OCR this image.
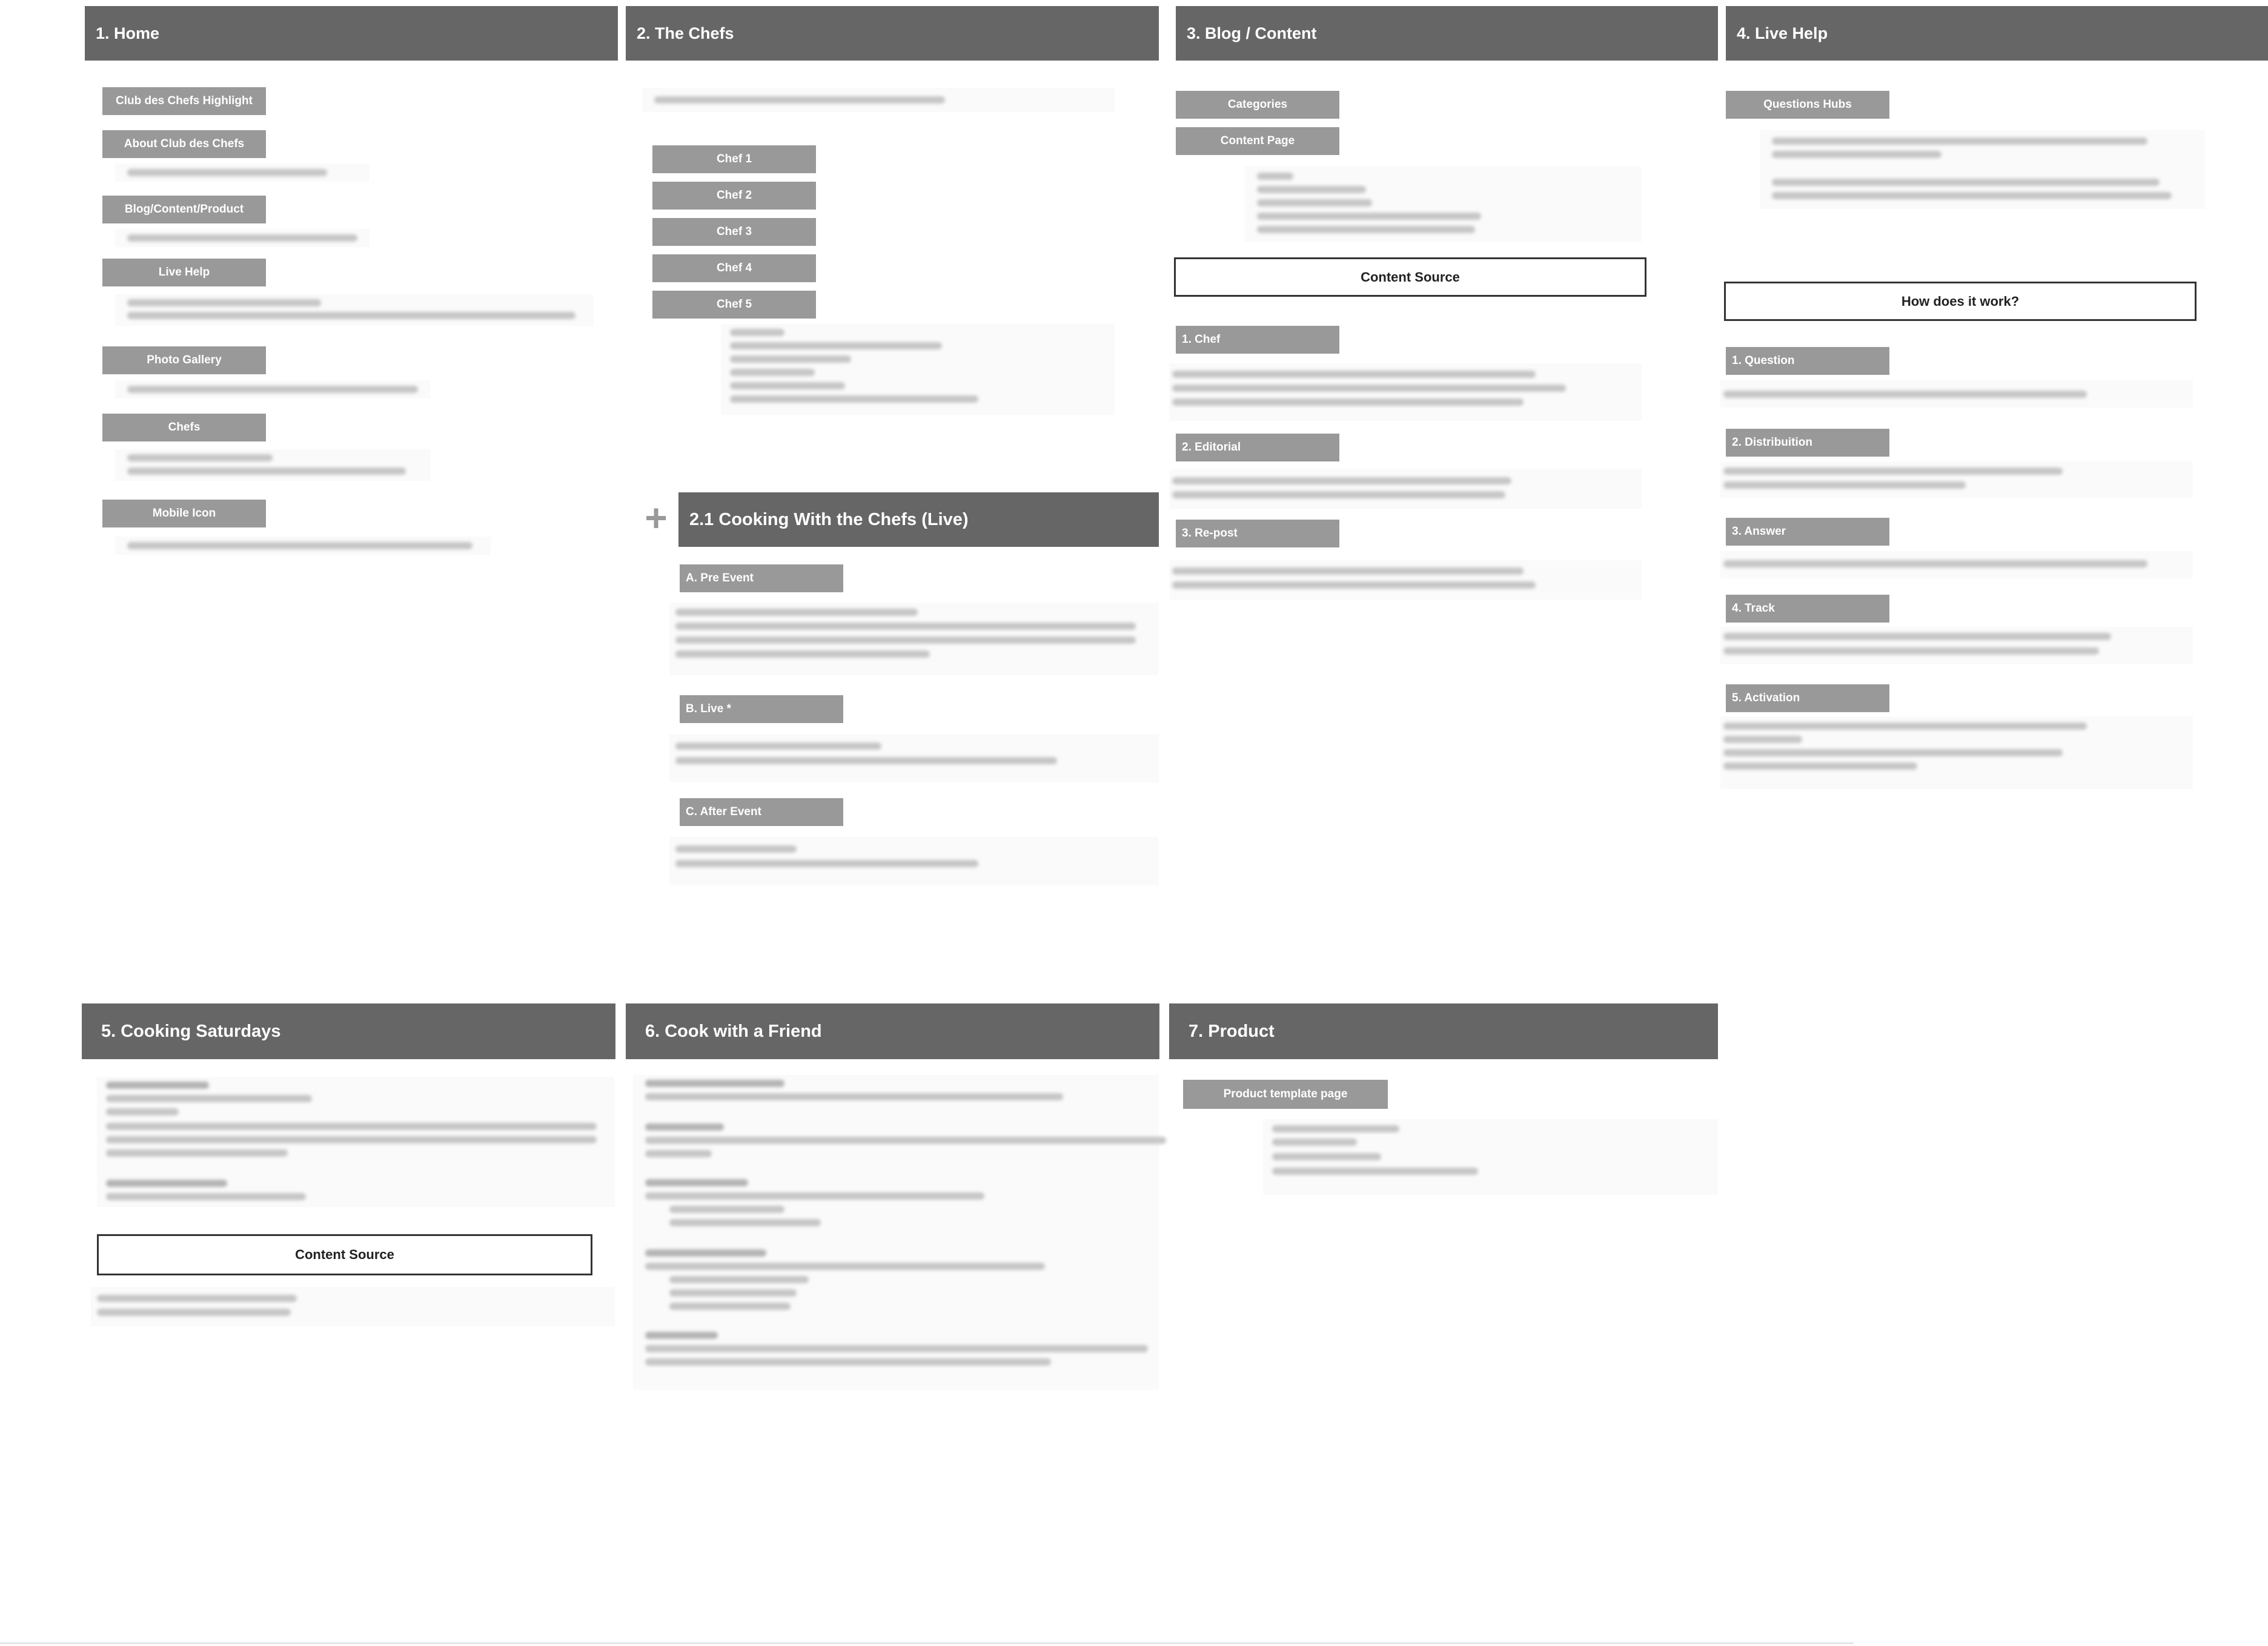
1. Home	2. The Chefs	3. Blog / Content	4. Live Help
Club des Chefs Highlight
About Club des Chefs
Blog/Content/Product
Live Help
Photo Gallery
Chefs
Mobile Icon
Chef 1
Chef 2
Chef 3
Chef 4
Chef 5
+	2.1 Cooking With the Chefs (Live)
A. Pre Event
B. Live *
C. After Event
Categories
Content Page
Content Source
1. Chef
2. Editorial
3. Re-post
Questions Hubs
How does it work?
1. Question
2. Distribuition
3. Answer
4. Track
5. Activation
5. Cooking Saturdays	6. Cook with a Friend	7. Product
Content Source
Product template page
